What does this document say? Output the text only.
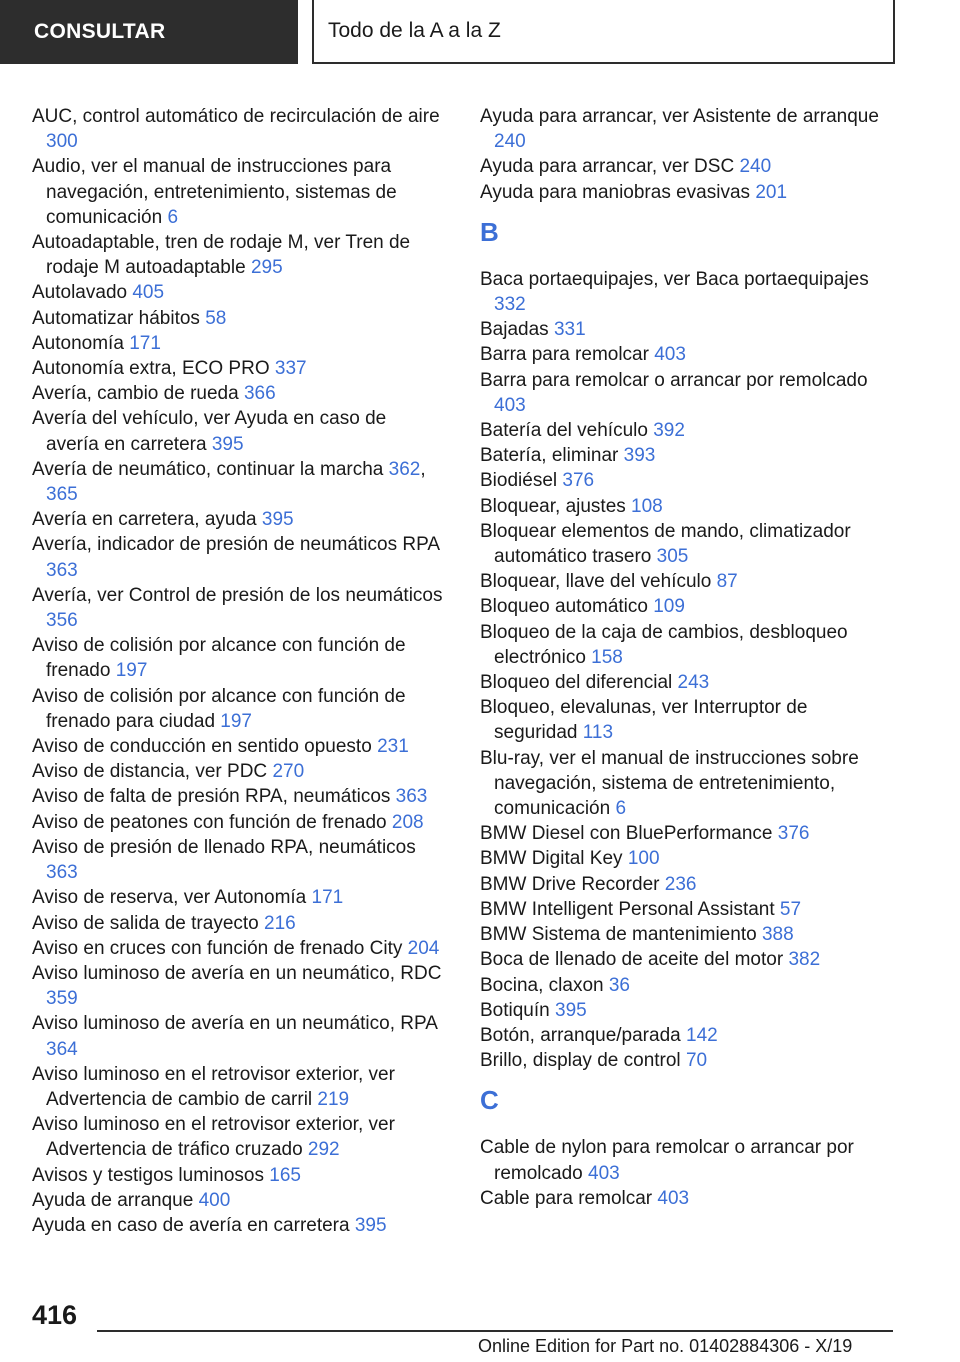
CONSULTAR	Todo de la A a la Z

AUC, control automático de recirculación de aire 300

Audio, ver el manual de instrucciones para navegación, entretenimiento, sistemas de comunicación 6

Autoadaptable, tren de rodaje M, ver Tren de rodaje M autoadaptable 295

Autolavado 405

Automatizar hábitos 58

Autonomía 171

Autonomía extra, ECO PRO 337

Avería, cambio de rueda 366

Avería del vehículo, ver Ayuda en caso de avería en carretera 395

Avería de neumático, continuar la marcha 362, 365

Avería en carretera, ayuda 395

Avería, indicador de presión de neumáticos RPA 363

Avería, ver Control de presión de los neumáticos 356

Aviso de colisión por alcance con función de frenado 197

Aviso de colisión por alcance con función de frenado para ciudad 197

Aviso de conducción en sentido opuesto 231

Aviso de distancia, ver PDC 270

Aviso de falta de presión RPA, neumáticos 363

Aviso de peatones con función de frenado 208

Aviso de presión de llenado RPA, neumáticos 363

Aviso de reserva, ver Autonomía 171

Aviso de salida de trayecto 216

Aviso en cruces con función de frenado City 204

Aviso luminoso de avería en un neumático, RDC 359

Aviso luminoso de avería en un neumático, RPA 364

Aviso luminoso en el retrovisor exterior, ver Advertencia de cambio de carril 219

Aviso luminoso en el retrovisor exterior, ver Advertencia de tráfico cruzado 292

Avisos y testigos luminosos 165

Ayuda de arranque 400

Ayuda en caso de avería en carretera 395

Ayuda para arrancar, ver Asistente de arranque 240

Ayuda para arrancar, ver DSC 240

Ayuda para maniobras evasivas 201

B

Baca portaequipajes, ver Baca portaequipajes 332

Bajadas 331

Barra para remolcar 403

Barra para remolcar o arrancar por remolcado 403

Batería del vehículo 392

Batería, eliminar 393

Biodiésel 376

Bloquear, ajustes 108

Bloquear elementos de mando, climatizador automático trasero 305

Bloquear, llave del vehículo 87

Bloqueo automático 109

Bloqueo de la caja de cambios, desbloqueo electrónico 158

Bloqueo del diferencial 243

Bloqueo, elevalunas, ver Interruptor de seguridad 113

Blu-ray, ver el manual de instrucciones sobre navegación, sistema de entretenimiento, comunicación 6

BMW Diesel con BluePerformance 376

BMW Digital Key 100

BMW Drive Recorder 236

BMW Intelligent Personal Assistant 57

BMW Sistema de mantenimiento 388

Boca de llenado de aceite del motor 382

Bocina, claxon 36

Botiquín 395

Botón, arranque/parada 142

Brillo, display de control 70

C

Cable de nylon para remolcar o arrancar por remolcado 403

Cable para remolcar 403

416
Online Edition for Part no. 01402884306 - X/19
